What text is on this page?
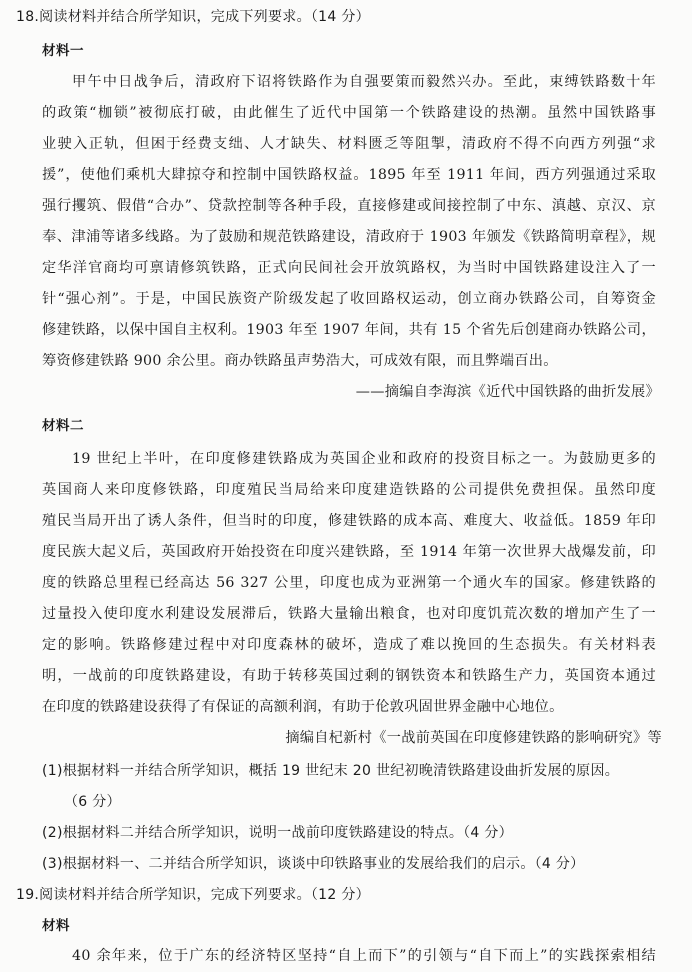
18.阅读材料并结合所学知识，完成下列要求。（14 分）
材料一
甲午中日战争后，清政府下诏将铁路作为自强要策而毅然兴办。至此，束缚铁路数十年
的政策“枷锁”被彻底打破，由此催生了近代中国第一个铁路建设的热潮。虽然中国铁路事
业驶入正轨，但困于经费支绌、人才缺失、材料匮乏等阻掣，清政府不得不向西方列强“求
援”，使他们乘机大肆掠夺和控制中国铁路权益。1895 年至 1911 年间，西方列强通过采取
强行攫筑、假借“合办”、贷款控制等各种手段，直接修建或间接控制了中东、滇越、京汉、京
奉、津浦等诸多线路。为了鼓励和规范铁路建设，清政府于 1903 年颁发《铁路简明章程》，规
定华洋官商均可禀请修筑铁路，正式向民间社会开放筑路权，为当时中国铁路建设注入了一
针“强心剂”。于是，中国民族资产阶级发起了收回路权运动，创立商办铁路公司，自筹资金
修建铁路，以保中国自主权利。1903 年至 1907 年间，共有 15 个省先后创建商办铁路公司，
筹资修建铁路 900 余公里。商办铁路虽声势浩大，可成效有限，而且弊端百出。
——摘编自李海滨《近代中国铁路的曲折发展》
材料二
19 世纪上半叶，在印度修建铁路成为英国企业和政府的投资目标之一。为鼓励更多的
英国商人来印度修铁路，印度殖民当局给来印度建造铁路的公司提供免费担保。虽然印度
殖民当局开出了诱人条件，但当时的印度，修建铁路的成本高、难度大、收益低。1859 年印
度民族大起义后，英国政府开始投资在印度兴建铁路，至 1914 年第一次世界大战爆发前，印
度的铁路总里程已经高达 56 327 公里，印度也成为亚洲第一个通火车的国家。修建铁路的
过量投入使印度水利建设发展滞后，铁路大量输出粮食，也对印度饥荒次数的增加产生了一
定的影响。铁路修建过程中对印度森林的破坏，造成了难以挽回的生态损失。有关材料表
明，一战前的印度铁路建设，有助于转移英国过剩的钢铁资本和铁路生产力，英国资本通过
在印度的铁路建设获得了有保证的高额利润，有助于伦敦巩固世界金融中心地位。
摘编自杞新村《一战前英国在印度修建铁路的影响研究》等
(1)根据材料一并结合所学知识，概括 19 世纪末 20 世纪初晚清铁路建设曲折发展的原因。
（6 分）
(2)根据材料二并结合所学知识，说明一战前印度铁路建设的特点。（4 分）
(3)根据材料一、二并结合所学知识，谈谈中印铁路事业的发展给我们的启示。（4 分）
19.阅读材料并结合所学知识，完成下列要求。（12 分）
材料
40 余年来，位于广东的经济特区坚持“自上而下”的引领与“自下而上”的实践探索相结
